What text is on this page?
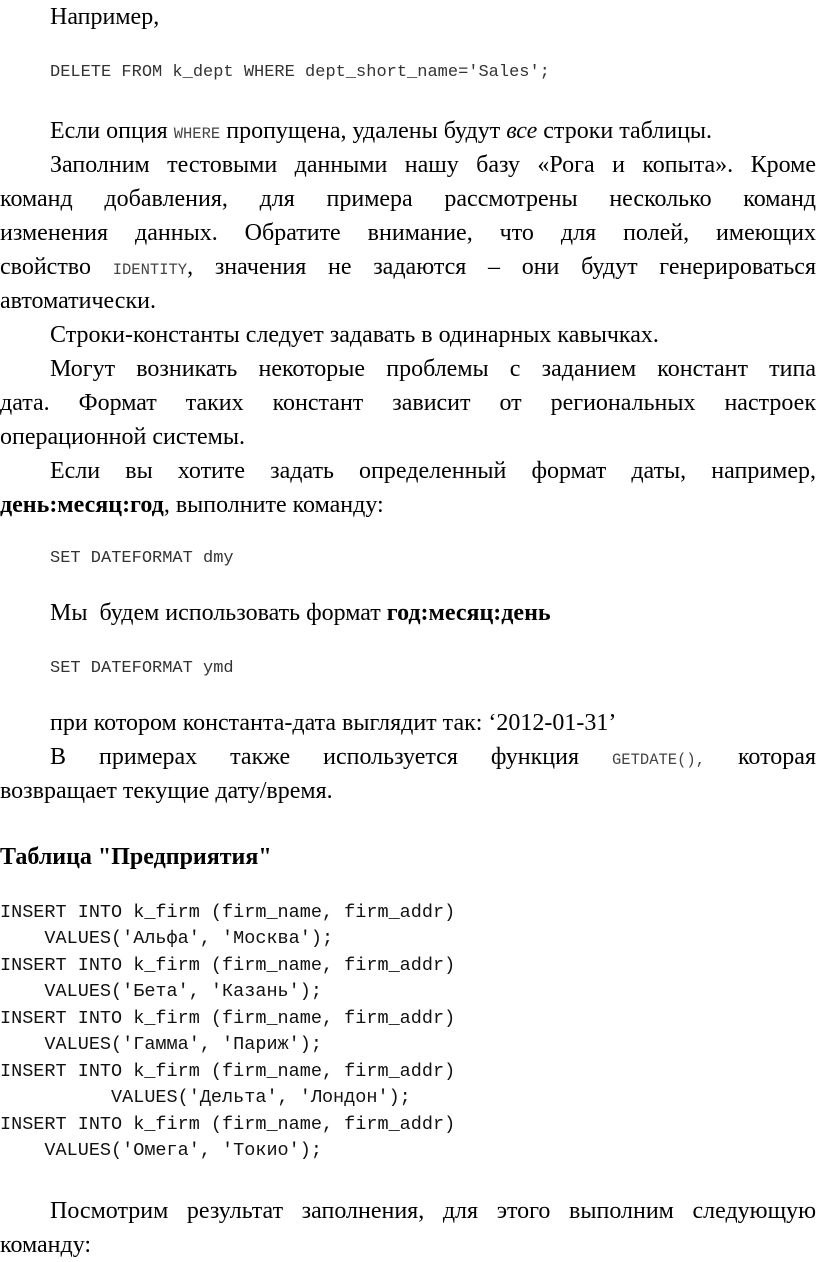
Например,
DELETE FROM k_dept WHERE dept_short_name='Sales';
Если опция WHERE пропущена, удалены будут все строки таблицы.
Заполним тестовыми данными нашу базу «Рога и копыта». Кроме
команд добавления, для примера рассмотрены несколько команд
изменения данных. Обратите внимание, что для полей, имеющих
свойство IDENTITY, значения не задаются – они будут генерироваться
автоматически.
Строки-константы следует задавать в одинарных кавычках.
Могут возникать некоторые проблемы с заданием констант типа
дата. Формат таких констант зависит от региональных настроек
операционной системы.
Если вы хотите задать определенный формат даты, например,
день:месяц:год, выполните команду:
SET DATEFORMAT dmy
Мы  будем использовать формат год:месяц:день
SET DATEFORMAT ymd
при котором константа-дата выглядит так: ‘2012-01-31’
В примерах также используется функция GETDATE(), которая
возвращает текущие дату/время.
Таблица "Предприятия"
INSERT INTO k_firm (firm_name, firm_addr)
VALUES('Альфа', 'Москва');
INSERT INTO k_firm (firm_name, firm_addr)
VALUES('Бета', 'Казань');
INSERT INTO k_firm (firm_name, firm_addr)
VALUES('Гамма', 'Париж');
INSERT INTO k_firm (firm_name, firm_addr)
VALUES('Дельта', 'Лондон');
INSERT INTO k_firm (firm_name, firm_addr)
VALUES('Омега', 'Токио');
Посмотрим результат заполнения, для этого выполним следующую
команду:
